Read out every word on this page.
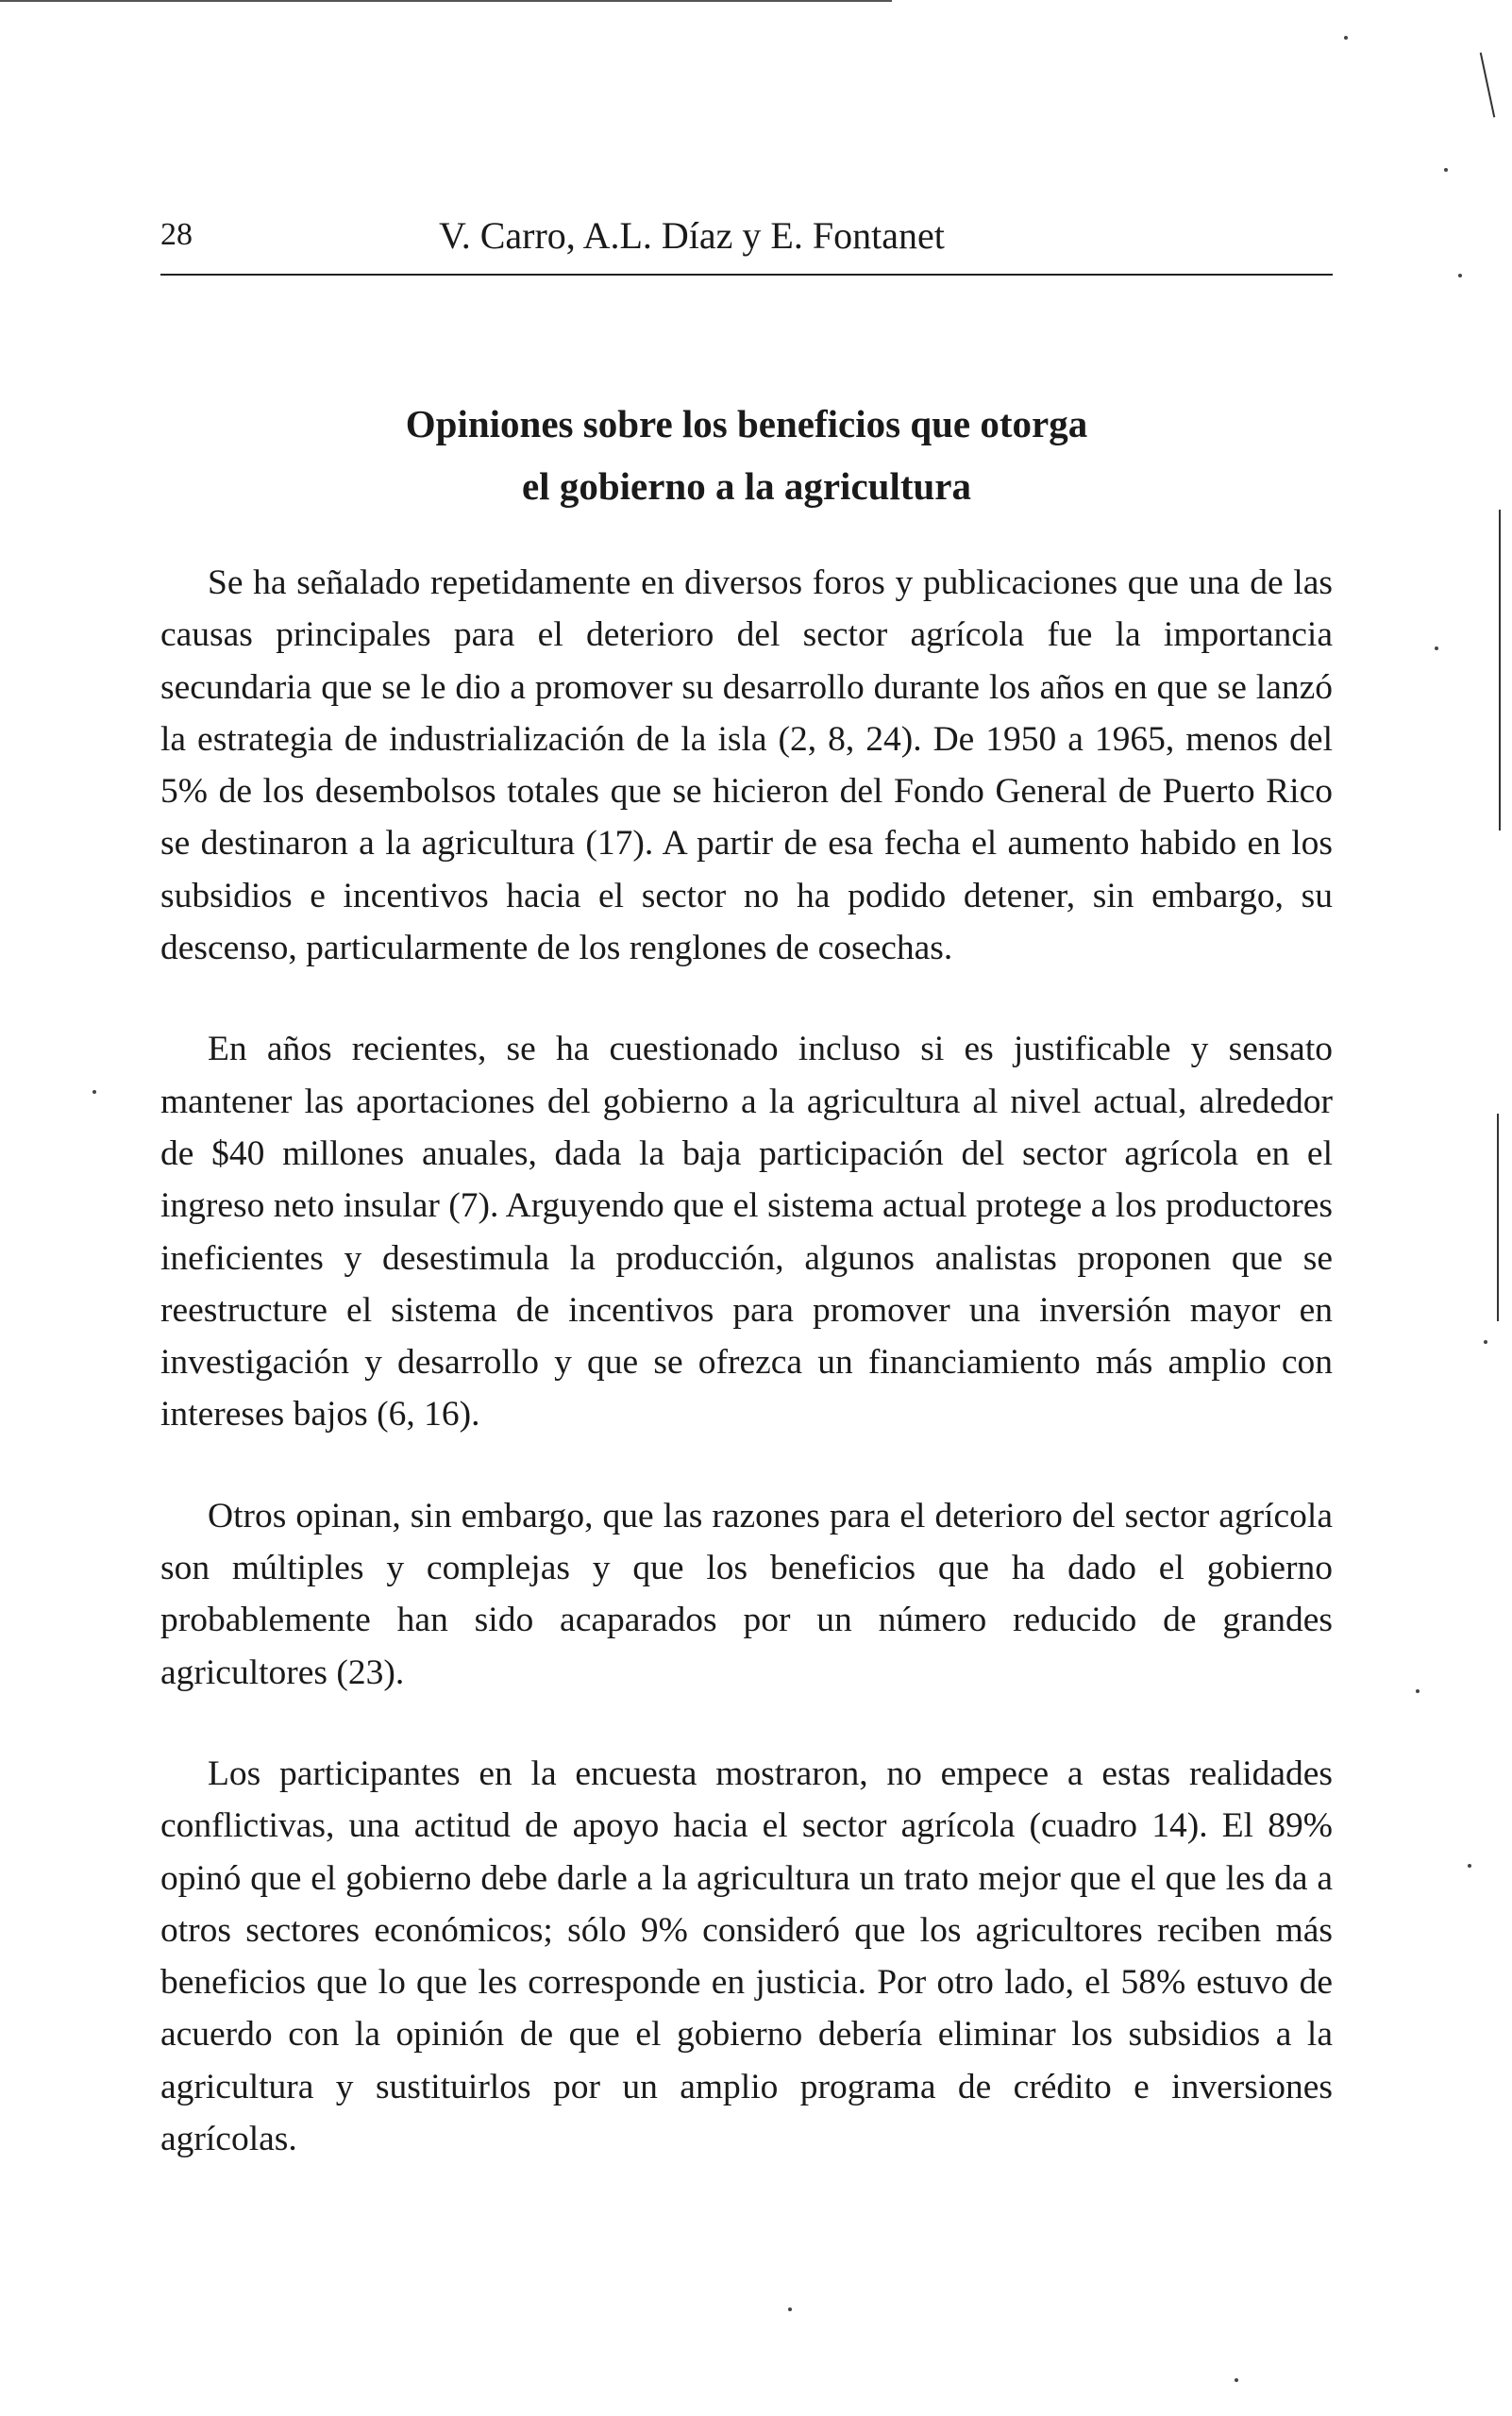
28	V. Carro, A.L. Díaz y E. Fontanet
Opiniones sobre los beneficios que otorga
el gobierno a la agricultura

Se ha señalado repetidamente en diversos foros y publicaciones que una de las causas principales para el deterioro del sector agrícola fue la importancia secundaria que se le dio a promover su desarrollo durante los años en que se lanzó la estrategia de industrialización de la isla (2, 8, 24). De 1950 a 1965, menos del 5% de los desembolsos totales que se hicieron del Fondo General de Puerto Rico se destinaron a la agricultura (17). A partir de esa fecha el aumento habido en los subsidios e incentivos hacia el sector no ha podido detener, sin embargo, su descenso, particularmente de los renglones de cosechas.

En años recientes, se ha cuestionado incluso si es justificable y sensato mantener las aportaciones del gobierno a la agricultura al nivel actual, alrededor de $40 millones anuales, dada la baja participación del sector agrícola en el ingreso neto insular (7). Arguyendo que el sistema actual protege a los productores ineficientes y desestimula la producción, algunos analistas proponen que se reestructure el sistema de incentivos para promover una inversión mayor en investigación y desarrollo y que se ofrezca un financiamiento más amplio con intereses bajos (6, 16).

Otros opinan, sin embargo, que las razones para el deterioro del sector agrícola son múltiples y complejas y que los beneficios que ha dado el gobierno probablemente han sido acaparados por un número reducido de grandes agricultores (23).

Los participantes en la encuesta mostraron, no empece a estas realidades conflictivas, una actitud de apoyo hacia el sector agrícola (cuadro 14). El 89% opinó que el gobierno debe darle a la agricultura un trato mejor que el que les da a otros sectores económicos; sólo 9% consideró que los agricultores reciben más beneficios que lo que les corresponde en justicia. Por otro lado, el 58% estuvo de acuerdo con la opinión de que el gobierno debería eliminar los subsidios a la agricultura y sustituirlos por un amplio programa de crédito e inversiones agrícolas.
